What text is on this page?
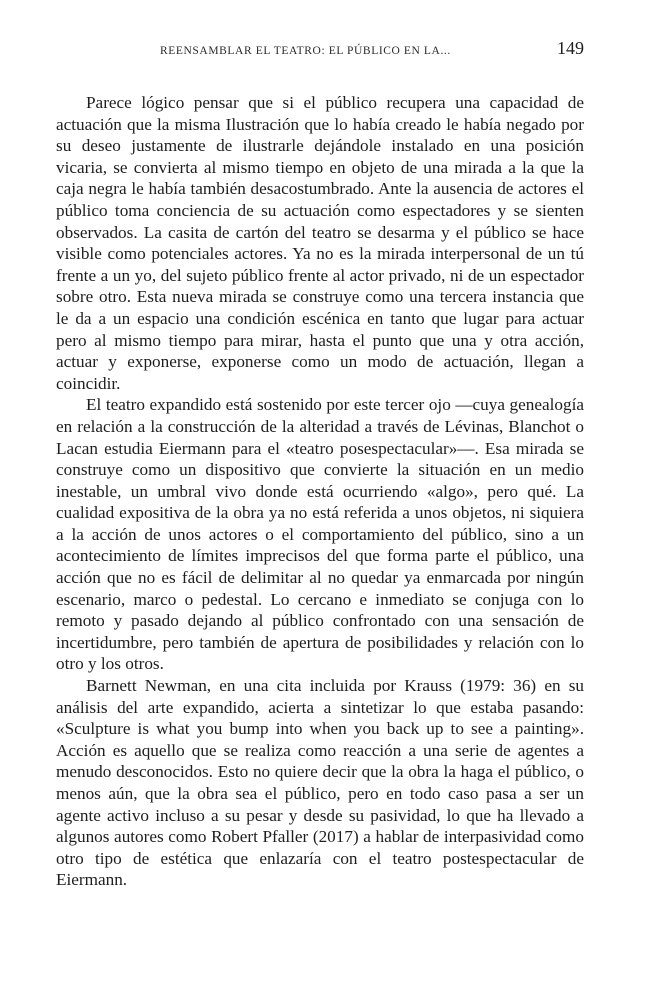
REENSAMBLAR EL TEATRO: EL PÚBLICO EN LA...	149

Parece lógico pensar que si el público recupera una capacidad de actuación que la misma Ilustración que lo había creado le había negado por su deseo justamente de ilustrarle dejándole instalado en una posición vicaria, se convierta al mismo tiempo en objeto de una mirada a la que la caja negra le había también desacostumbrado. Ante la ausencia de actores el público toma conciencia de su actuación como espectadores y se sienten observados. La casita de cartón del teatro se desarma y el público se hace visible como potenciales actores. Ya no es la mirada interpersonal de un tú frente a un yo, del sujeto público frente al actor privado, ni de un espectador sobre otro. Esta nueva mirada se construye como una tercera instancia que le da a un espacio una condición escénica en tanto que lugar para actuar pero al mismo tiempo para mirar, hasta el punto que una y otra acción, actuar y exponerse, exponerse como un modo de actuación, llegan a coincidir.

El teatro expandido está sostenido por este tercer ojo —cuya genealogía en relación a la construcción de la alteridad a través de Lévinas, Blanchot o Lacan estudia Eiermann para el «teatro posespectacular»—. Esa mirada se construye como un dispositivo que convierte la situación en un medio inestable, un umbral vivo donde está ocurriendo «algo», pero qué. La cualidad expositiva de la obra ya no está referida a unos objetos, ni siquiera a la acción de unos actores o el comportamiento del público, sino a un acontecimiento de límites imprecisos del que forma parte el público, una acción que no es fácil de delimitar al no quedar ya enmarcada por ningún escenario, marco o pedestal. Lo cercano e inmediato se conjuga con lo remoto y pasado dejando al público confrontado con una sensación de incertidumbre, pero también de apertura de posibilidades y relación con lo otro y los otros.

Barnett Newman, en una cita incluida por Krauss (1979: 36) en su análisis del arte expandido, acierta a sintetizar lo que estaba pasando: «Sculpture is what you bump into when you back up to see a painting». Acción es aquello que se realiza como reacción a una serie de agentes a menudo desconocidos. Esto no quiere decir que la obra la haga el público, o menos aún, que la obra sea el público, pero en todo caso pasa a ser un agente activo incluso a su pesar y desde su pasividad, lo que ha llevado a algunos autores como Robert Pfaller (2017) a hablar de interpasividad como otro tipo de estética que enlazaría con el teatro postespectacular de Eiermann.
